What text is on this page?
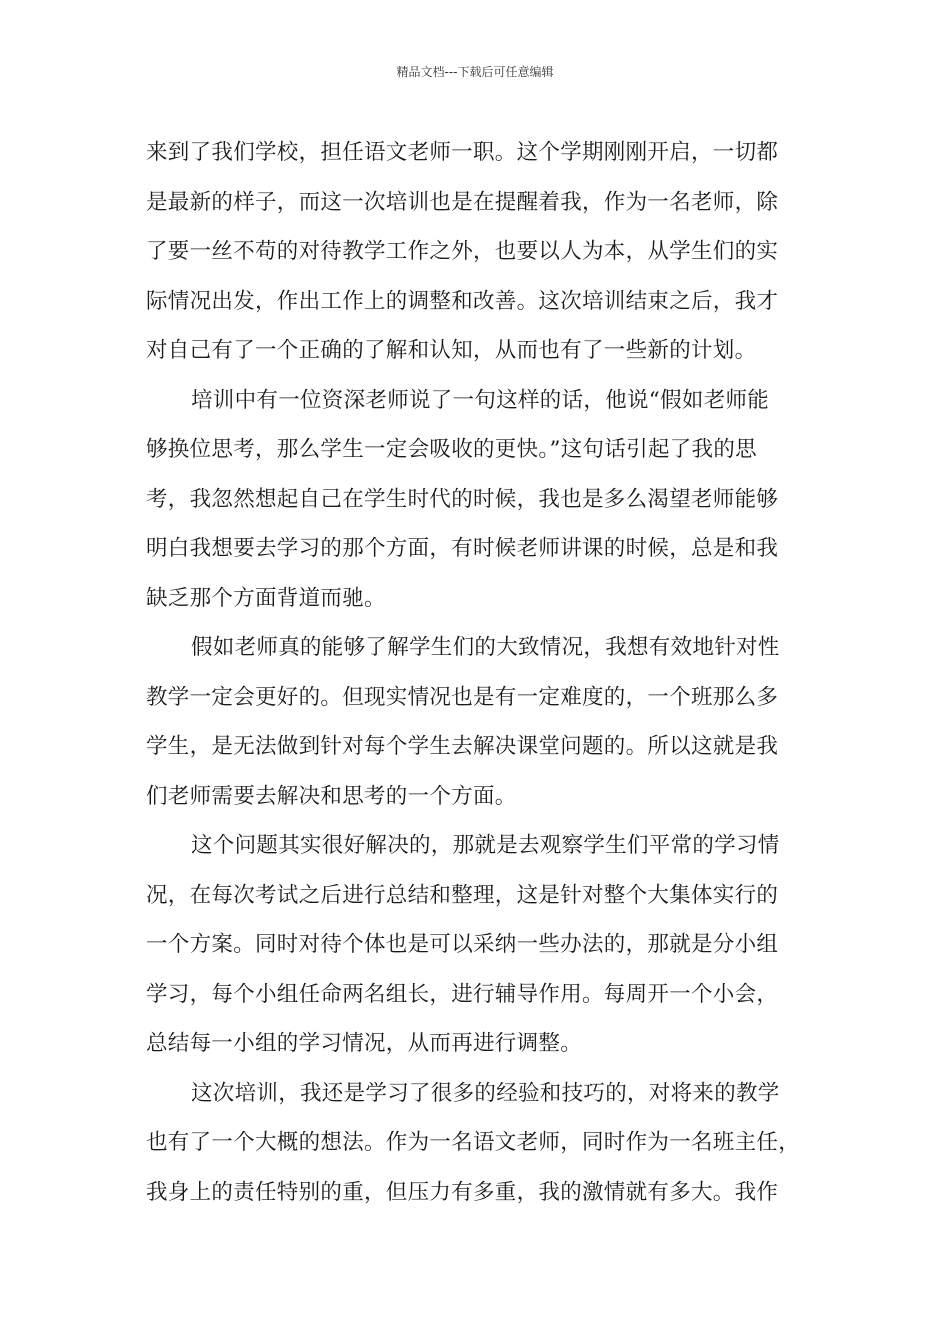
精品文档---下载后可任意编辑
来到了我们学校，担任语文老师一职。这个学期刚刚开启，一切都
是最新的样子，而这一次培训也是在提醒着我，作为一名老师，除
了要一丝不苟的对待教学工作之外，也要以人为本，从学生们的实
际情况出发，作出工作上的调整和改善。这次培训结束之后，我才
对自己有了一个正确的了解和认知，从而也有了一些新的计划。
培训中有一位资深老师说了一句这样的话，他说“假如老师能
够换位思考，那么学生一定会吸收的更快。”这句话引起了我的思
考，我忽然想起自己在学生时代的时候，我也是多么渴望老师能够
明白我想要去学习的那个方面，有时候老师讲课的时候，总是和我
缺乏那个方面背道而驰。
假如老师真的能够了解学生们的大致情况，我想有效地针对性
教学一定会更好的。但现实情况也是有一定难度的，一个班那么多
学生，是无法做到针对每个学生去解决课堂问题的。所以这就是我
们老师需要去解决和思考的一个方面。
这个问题其实很好解决的，那就是去观察学生们平常的学习情
况，在每次考试之后进行总结和整理，这是针对整个大集体实行的
一个方案。同时对待个体也是可以采纳一些办法的，那就是分小组
学习，每个小组任命两名组长，进行辅导作用。每周开一个小会，
总结每一小组的学习情况，从而再进行调整。
这次培训，我还是学习了很多的经验和技巧的，对将来的教学
也有了一个大概的想法。作为一名语文老师，同时作为一名班主任，
我身上的责任特别的重，但压力有多重，我的激情就有多大。我作
